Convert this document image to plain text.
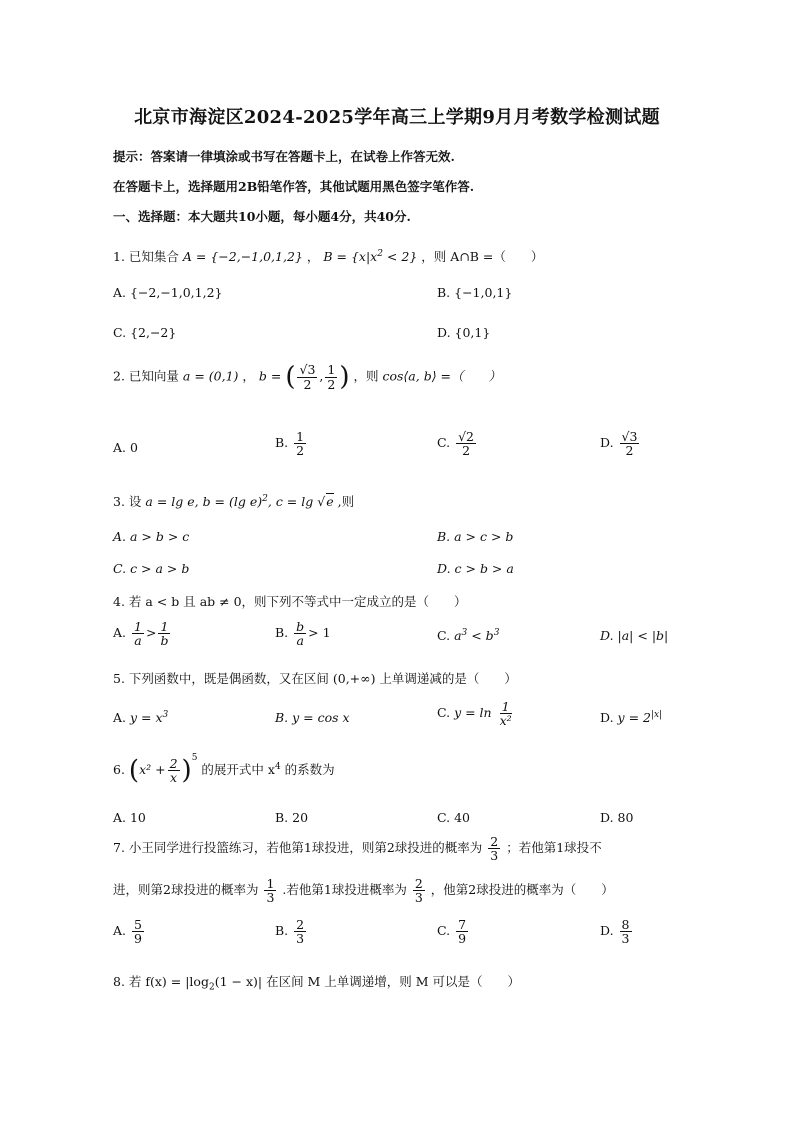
北京市海淀区2024-2025学年高三上学期9月月考数学检测试题
提示：答案请一律填涂或书写在答题卡上，在试卷上作答无效.
在答题卡上，选择题用2B铅笔作答，其他试题用黑色签字笔作答.
一、选择题：本大题共10小题，每小题4分，共40分.
1. 已知集合 A = {−2,−1,0,1,2} ， $B = \{x|x^2 < 2\}$ ，则 A∩B =（　　）
A. {−2,−1,0,1,2}	B. {−1,0,1}
C. {2,−2}	D. {0,1}
2. 已知向量 a = (0,1) ， b = ( $\frac{√3}{2}$ , $\frac{1}{2}$ ) ，则 cos⟨a, b⟩ =（　　）
A. 0	B. $\frac{1}{2}$	C. $\frac{√2}{2}$	D. $\frac{√3}{2}$
3. 设 a = lg e, b = (lg e)$^2$, c = lg √e ,则
A. a > b > c	B. a > c > b
C. c > a > b	D. c > b > a
4. 若 a < b 且 ab ≠ 0，则下列不等式中一定成立的是（　　）
A. $\frac{1}{a} > \frac{1}{b}$	B. $\frac{b}{a} > 1$	C. $a^3 < b^3$	D. |a| < |b|
5. 下列函数中，既是偶函数，又在区间 (0,+∞) 上单调递减的是（　　）
A. $y = x^3$	B. y = cos x	C. $y = \ln \frac{1}{\text{x²}}$	D. $y = 2^{|x|}$
6. $(x^2 + \frac{2}{x} )^5$ 的展开式中 $x^4$ 的系数为
A. 10	B. 20	C. 40	D. 80
7. 小王同学进行投篮练习，若他第1球投进，则第2球投进的概率为 $\frac{2}{3}$ ；若他第1球投不
进，则第2球投进的概率为 $\frac{1}{3}$ .若他第1球投进概率为 $\frac{2}{3}$ ，他第2球投进的概率为（　　）
A. $\frac{5}{9}$	B. $\frac{2}{3}$	C. $\frac{7}{9}$	D. $\frac{8}{3}$
8. 若 $f(x) = |\log_2(1 - x)|$ 在区间 M 上单调递增，则 M 可以是（　　）
